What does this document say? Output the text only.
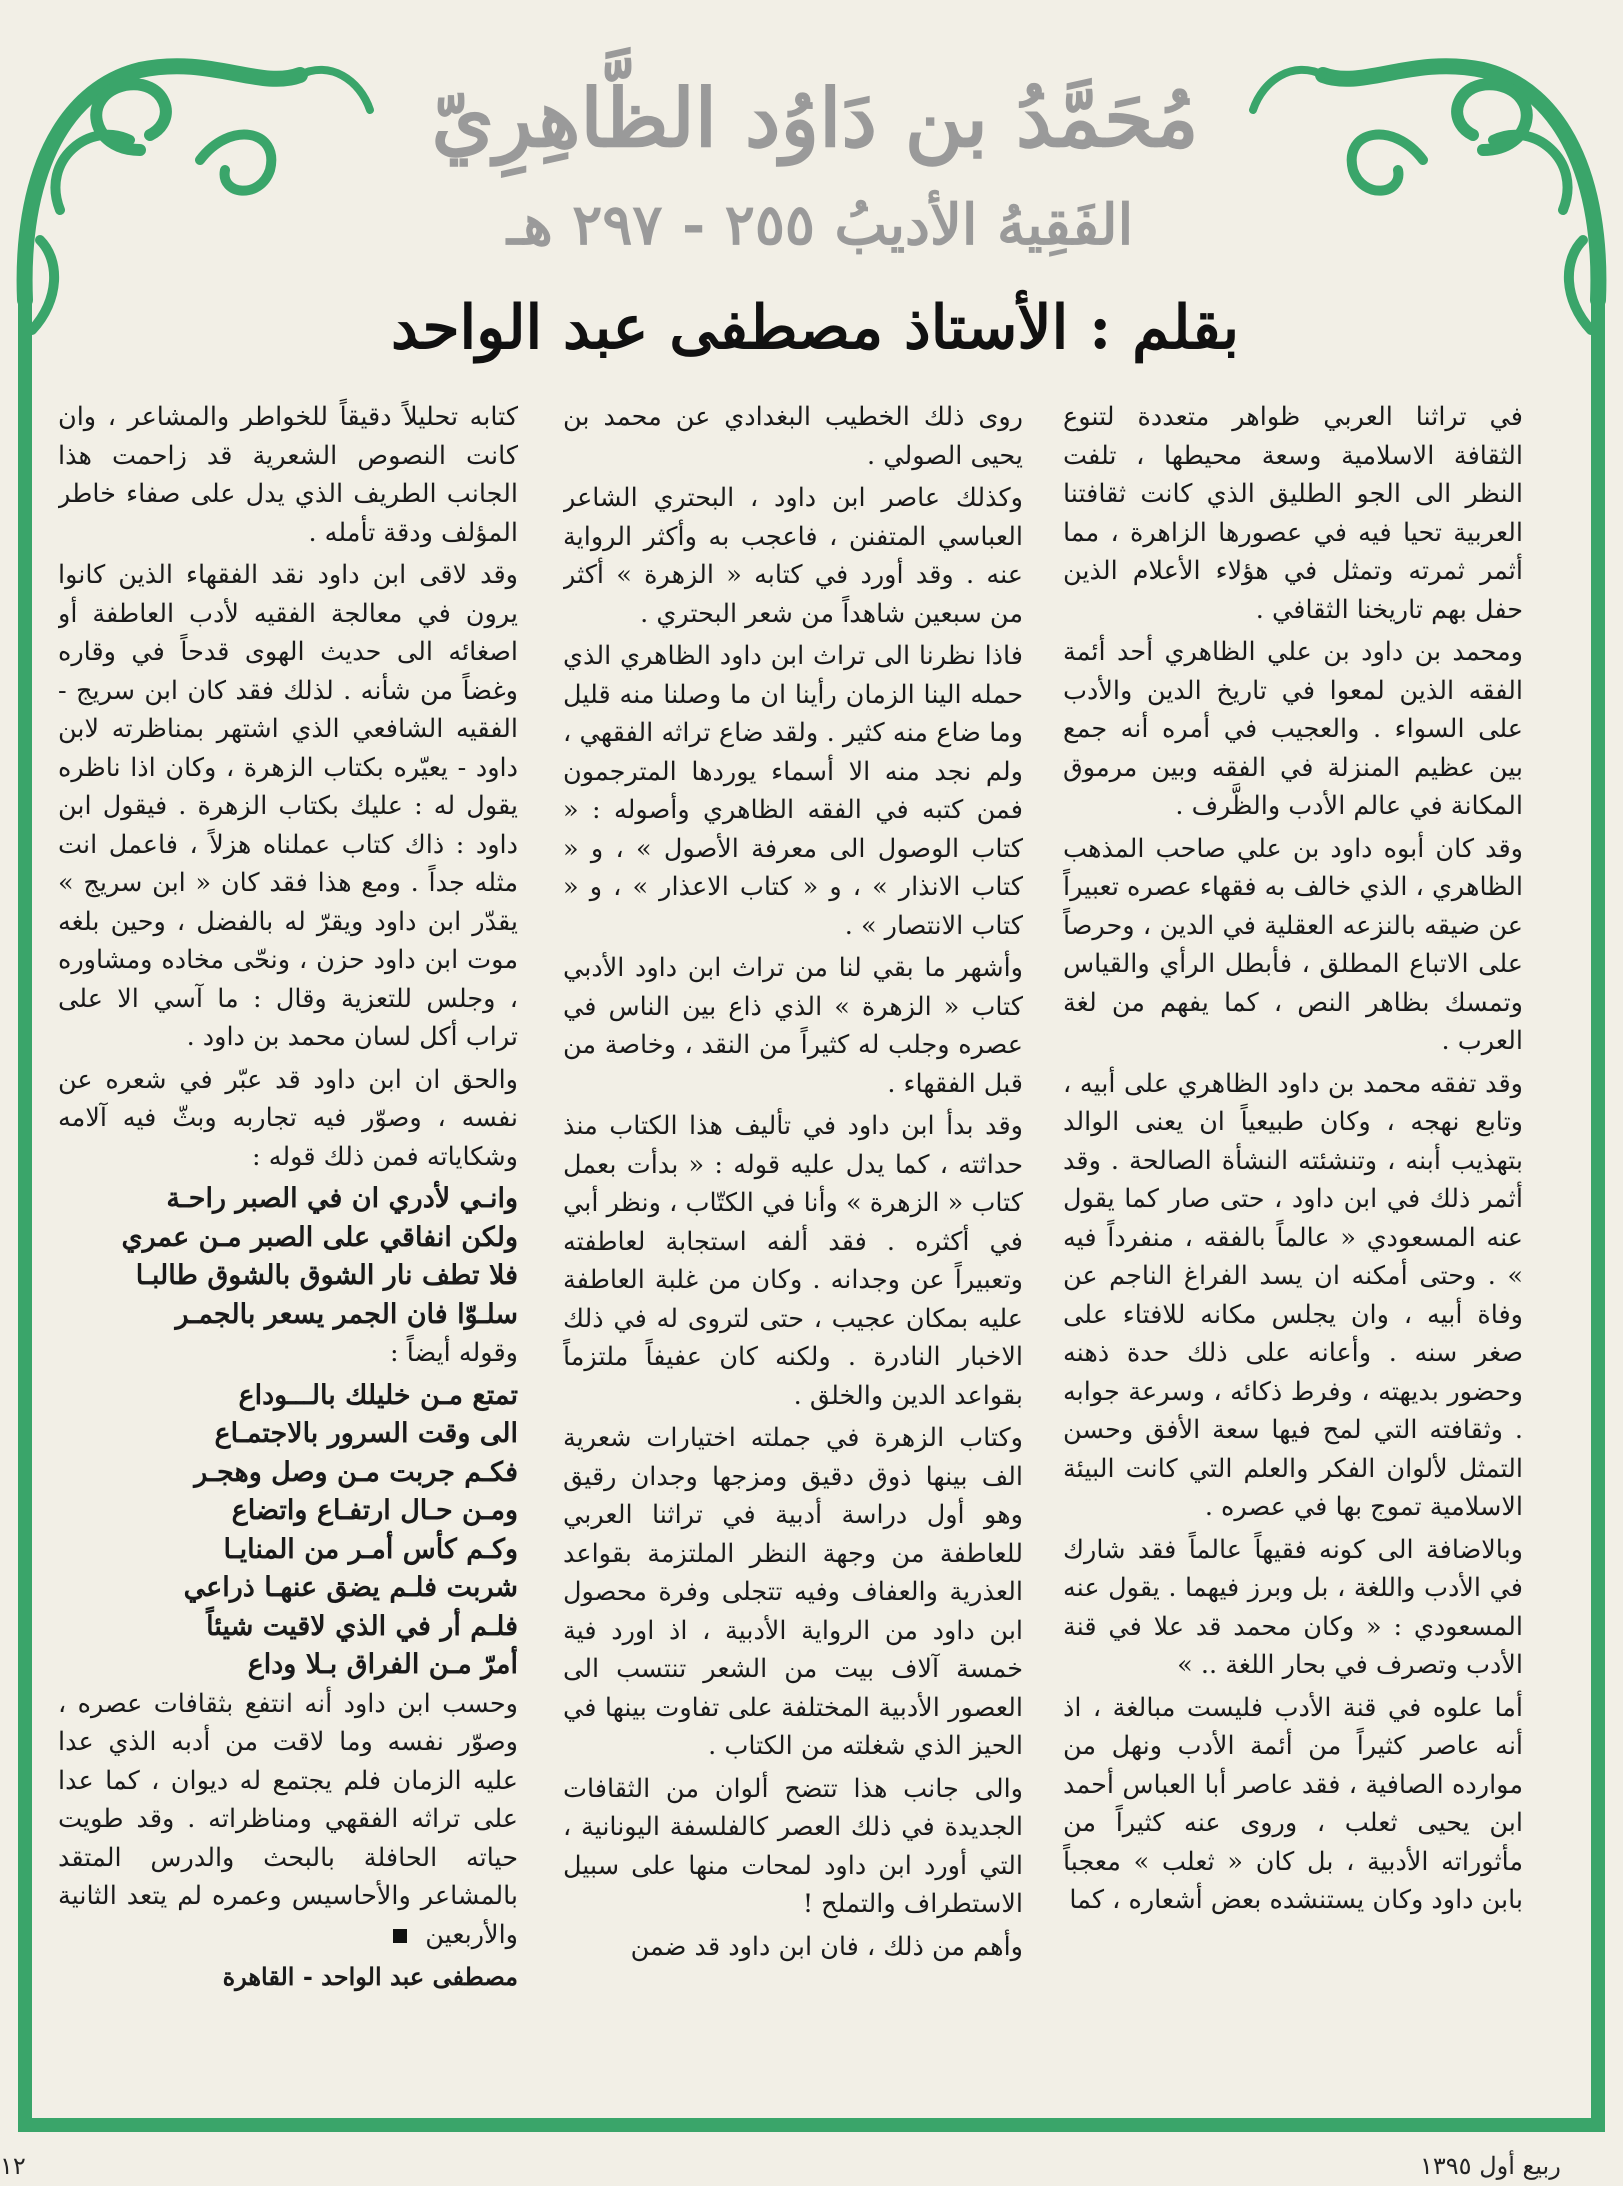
مُحَمَّدُ بن دَاوُد الظَّاهِرِيّ
الفَقِيهُ الأديبُ ٢٥٥ - ٢٩٧ هـ
بقلم : الأستاذ مصطفى عبد الواحد

في تراثنا العربي ظواهر متعددة لتنوع الثقافة الاسلامية وسعة محيطها ، تلفت النظر الى الجو الطليق الذي كانت ثقافتنا العربية تحيا فيه في عصورها الزاهرة ، مما أثمر ثمرته وتمثل في هؤلاء الأعلام الذين حفل بهم تاريخنا الثقافي .

ومحمد بن داود بن علي الظاهري أحد أئمة الفقه الذين لمعوا في تاريخ الدين والأدب على السواء . والعجيب في أمره أنه جمع بين عظيم المنزلة في الفقه وبين مرموق المكانة في عالم الأدب والظَّرف .

وقد كان أبوه داود بن علي صاحب المذهب الظاهري ، الذي خالف به فقهاء عصره تعبيراً عن ضيقه بالنزعه العقلية في الدين ، وحرصاً على الاتباع المطلق ، فأبطل الرأي والقياس وتمسك بظاهر النص ، كما يفهم من لغة العرب .

وقد تفقه محمد بن داود الظاهري على أبيه ، وتابع نهجه ، وكان طبيعياً ان يعنى الوالد بتهذيب أبنه ، وتنشئته النشأة الصالحة . وقد أثمر ذلك في ابن داود ، حتى صار كما يقول عنه المسعودي « عالماً بالفقه ، منفرداً فيه » . وحتى أمكنه ان يسد الفراغ الناجم عن وفاة أبيه ، وان يجلس مكانه للافتاء على صغر سنه . وأعانه على ذلك حدة ذهنه وحضور بديهته ، وفرط ذكائه ، وسرعة جوابه . وثقافته التي لمح فيها سعة الأفق وحسن التمثل لألوان الفكر والعلم التي كانت البيئة الاسلامية تموج بها في عصره .

وبالاضافة الى كونه فقيهاً عالماً فقد شارك في الأدب واللغة ، بل وبرز فيهما . يقول عنه المسعودي : « وكان محمد قد علا في قنة الأدب وتصرف في بحار اللغة .. »

أما علوه في قنة الأدب فليست مبالغة ، اذ أنه عاصر كثيراً من أئمة الأدب ونهل من موارده الصافية ، فقد عاصر أبا العباس أحمد ابن يحيى ثعلب ، وروى عنه كثيراً من مأثوراته الأدبية ، بل كان « ثعلب » معجباً بابن داود وكان يستنشده بعض أشعاره ، كما

روى ذلك الخطيب البغدادي عن محمد بن يحيى الصولي .

وكذلك عاصر ابن داود ، البحتري الشاعر العباسي المتفنن ، فاعجب به وأكثر الرواية عنه . وقد أورد في كتابه « الزهرة » أكثر من سبعين شاهداً من شعر البحتري .

فاذا نظرنا الى تراث ابن داود الظاهري الذي حمله الينا الزمان رأينا ان ما وصلنا منه قليل وما ضاع منه كثير . ولقد ضاع تراثه الفقهي ، ولم نجد منه الا أسماء يوردها المترجمون فمن كتبه في الفقه الظاهري وأصوله : « كتاب الوصول الى معرفة الأصول » ، و « كتاب الانذار » ، و « كتاب الاعذار » ، و « كتاب الانتصار » .

وأشهر ما بقي لنا من تراث ابن داود الأدبي كتاب « الزهرة » الذي ذاع بين الناس في عصره وجلب له كثيراً من النقد ، وخاصة من قبل الفقهاء .

وقد بدأ ابن داود في تأليف هذا الكتاب منذ حداثته ، كما يدل عليه قوله : « بدأت بعمل كتاب « الزهرة » وأنا في الكتّاب ، ونظر أبي في أكثره . فقد ألفه استجابة لعاطفته وتعبيراً عن وجدانه . وكان من غلبة العاطفة عليه بمكان عجيب ، حتى لتروى له في ذلك الاخبار النادرة . ولكنه كان عفيفاً ملتزماً بقواعد الدين والخلق .

وكتاب الزهرة في جملته اختيارات شعرية الف بينها ذوق دقيق ومزجها وجدان رقيق وهو أول دراسة أدبية في تراثنا العربي للعاطفة من وجهة النظر الملتزمة بقواعد العذرية والعفاف وفيه تتجلى وفرة محصول ابن داود من الرواية الأدبية ، اذ اورد فية خمسة آلاف بيت من الشعر تنتسب الى العصور الأدبية المختلفة على تفاوت بينها في الحيز الذي شغلته من الكتاب .

والى جانب هذا تتضح ألوان من الثقافات الجديدة في ذلك العصر كالفلسفة اليونانية ، التي أورد ابن داود لمحات منها على سبيل الاستطراف والتملح !

وأهم من ذلك ، فان ابن داود قد ضمن

كتابه تحليلاً دقيقاً للخواطر والمشاعر ، وان كانت النصوص الشعرية قد زاحمت هذا الجانب الطريف الذي يدل على صفاء خاطر المؤلف ودقة تأمله .

وقد لاقى ابن داود نقد الفقهاء الذين كانوا يرون في معالجة الفقيه لأدب العاطفة أو اصغائه الى حديث الهوى قدحاً في وقاره وغضاً من شأنه . لذلك فقد كان ابن سريج - الفقيه الشافعي الذي اشتهر بمناظرته لابن داود - يعيّره بكتاب الزهرة ، وكان اذا ناظره يقول له : عليك بكتاب الزهرة . فيقول ابن داود : ذاك كتاب عملناه هزلاً ، فاعمل انت مثله جداً . ومع هذا فقد كان « ابن سريج » يقدّر ابن داود ويقرّ له بالفضل ، وحين بلغه موت ابن داود حزن ، ونحّى مخاده ومشاوره ، وجلس للتعزية وقال : ما آسي الا على تراب أكل لسان محمد بن داود .

والحق ان ابن داود قد عبّر في شعره عن نفسه ، وصوّر فيه تجاربه وبثّ فيه آلامه وشكاياته فمن ذلك قوله :

وانـي لأدري ان في الصبر راحـة
ولكن انفاقي على الصبر مـن عمري
فلا تطف نار الشوق بالشوق طالبـا
سلـوّا فان الجمر يسعر بالجمـر

وقوله أيضاً :

تمتع مـن خليلك بالـــوداع
الى وقت السرور بالاجتمـاع
فكـم جربت مـن وصل وهجـر
ومـن حـال ارتفـاع واتضاع
وكـم كأس أمـر من المنايـا
شربت فلـم يضق عنهـا ذراعي
فلـم أر في الذي لاقيت شيئاً
أمرّ مـن الفراق بـلا وداع

وحسب ابن داود أنه انتفع بثقافات عصره ، وصوّر نفسه وما لاقت من أدبه الذي عدا عليه الزمان فلم يجتمع له ديوان ، كما عدا على تراثه الفقهي ومناظراته . وقد طويت حياته الحافلة بالبحث والدرس المتقد بالمشاعر والأحاسيس وعمره لم يتعد الثانية والأربعين

مصطفى عبد الواحد - القاهرة
ربيع أول ١٣٩٥
١٢
